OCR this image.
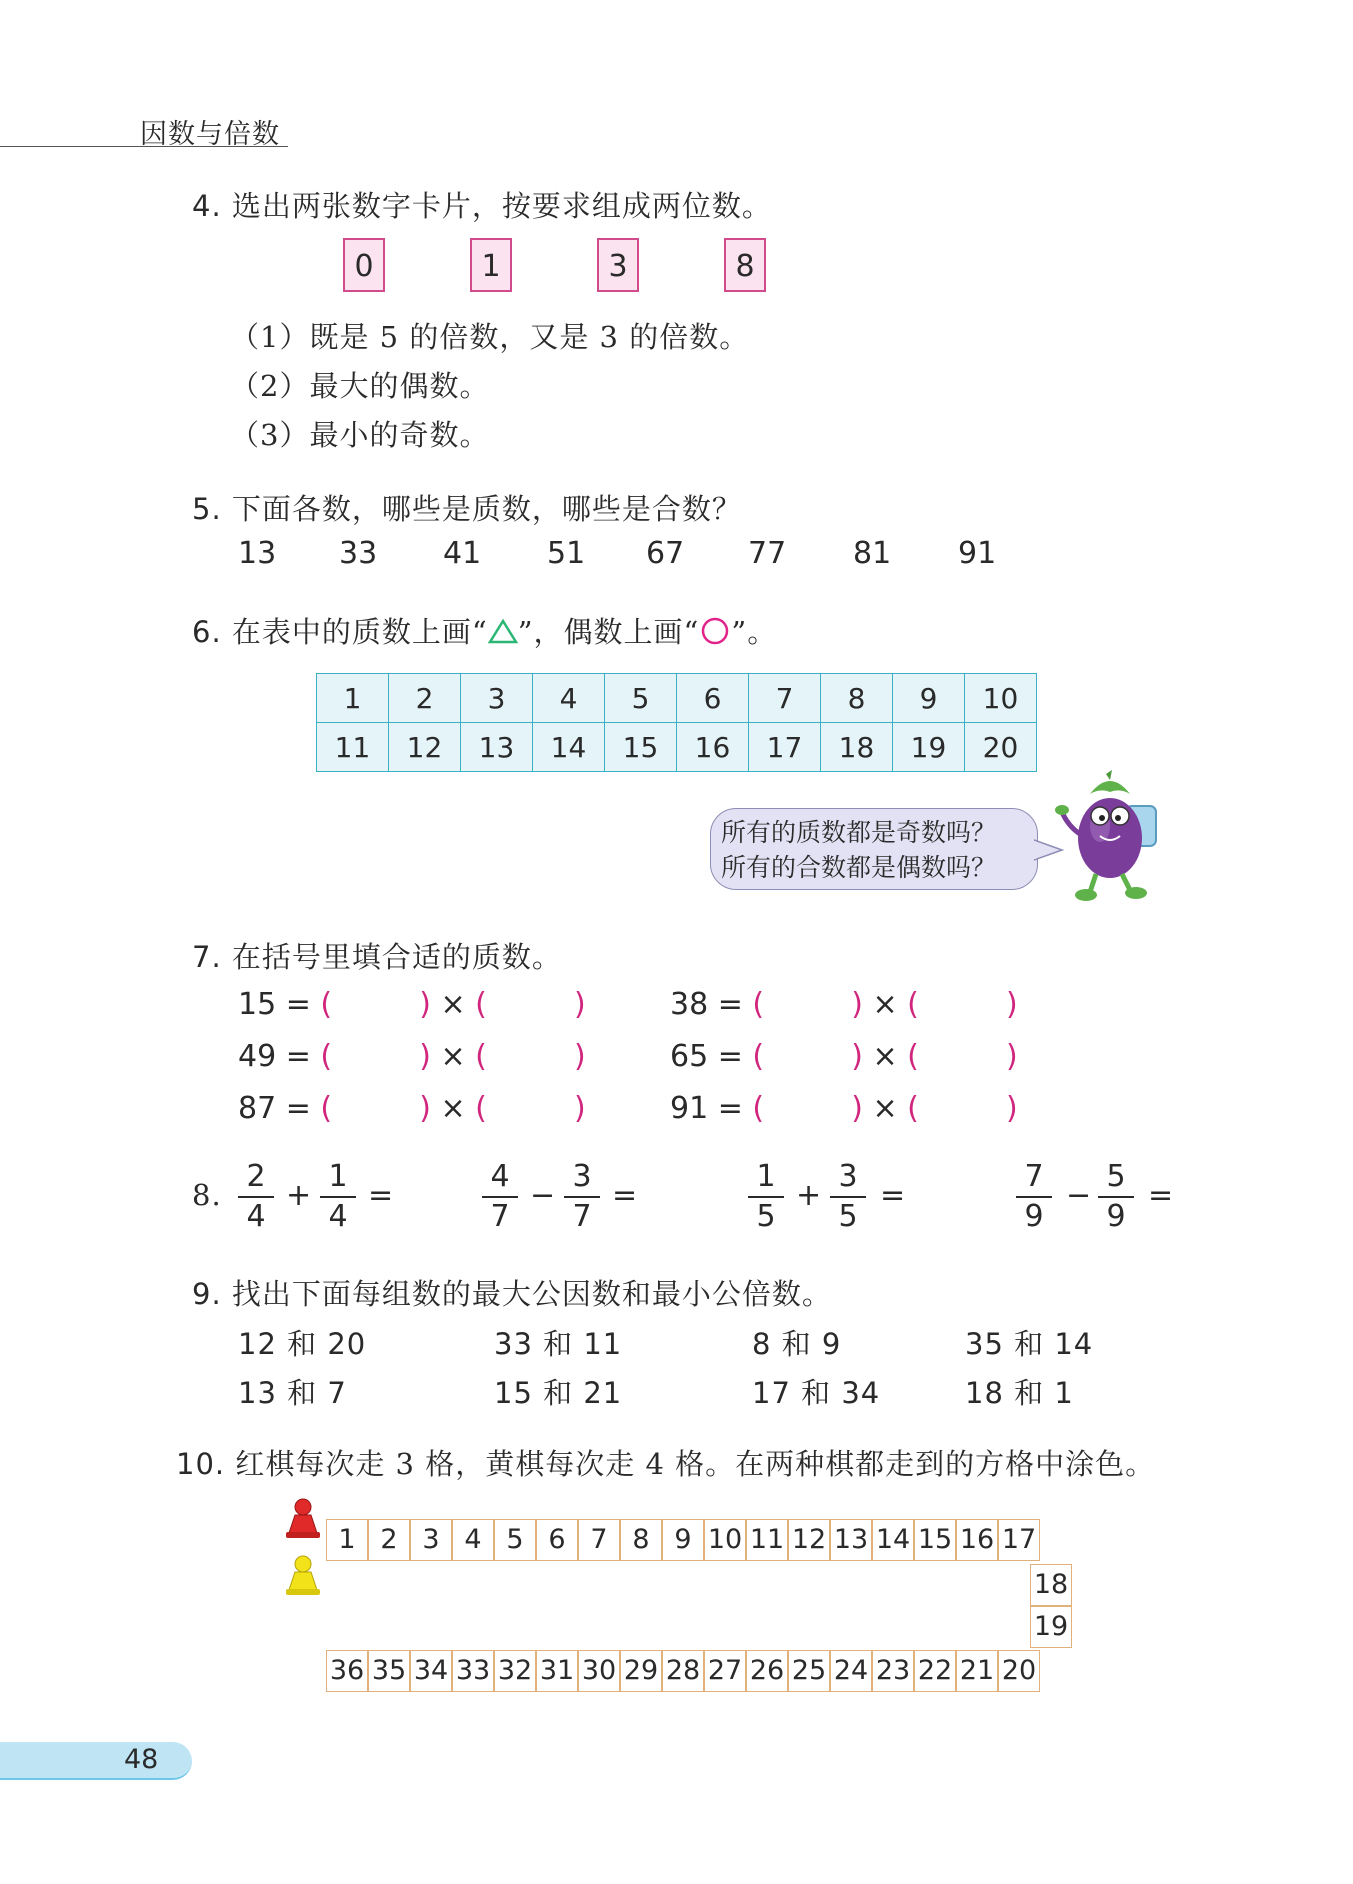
因数与倍数
4. 选出两张数字卡片，按要求组成两位数。
0	1	3	8
（1）既是 5 的倍数，又是 3 的倍数。
（2）最大的偶数。
（3）最小的奇数。
5. 下面各数，哪些是质数，哪些是合数？
13 33 41 51 67 77 81 91
6. 在表中的质数上画“ ”，偶数上画“ ”。
1	2	3	4	5	6	7	8	9	10
11	12	13	14	15	16	17	18	19	20
所有的质数都是奇数吗？
所有的合数都是偶数吗？
7. 在括号里填合适的质数。
15 = (	) × (	)	38 = (	) × (	)
49 = (	) × (	)	65 = (	) × (	)
87 = (	) × (	)	91 = (	) × (	)
8.
2
4
+
1
4
=
4
7
−
3
7
=
1
5
+
3
5
=
7
9
−
5
9
=
9. 找出下面每组数的最大公因数和最小公倍数。
12 和 20	33 和 11	8 和 9	35 和 14
13 和 7	15 和 21	17 和 34	18 和 1
10. 红棋每次走 3 格，黄棋每次走 4 格。在两种棋都走到的方格中涂色。
1 2 3 4 5 6 7 8 9 10 11 12 13 14 15 16 17
18
19
36 35 34 33 32 31 30 29 28 27 26 25 24 23 22 21 20
48
